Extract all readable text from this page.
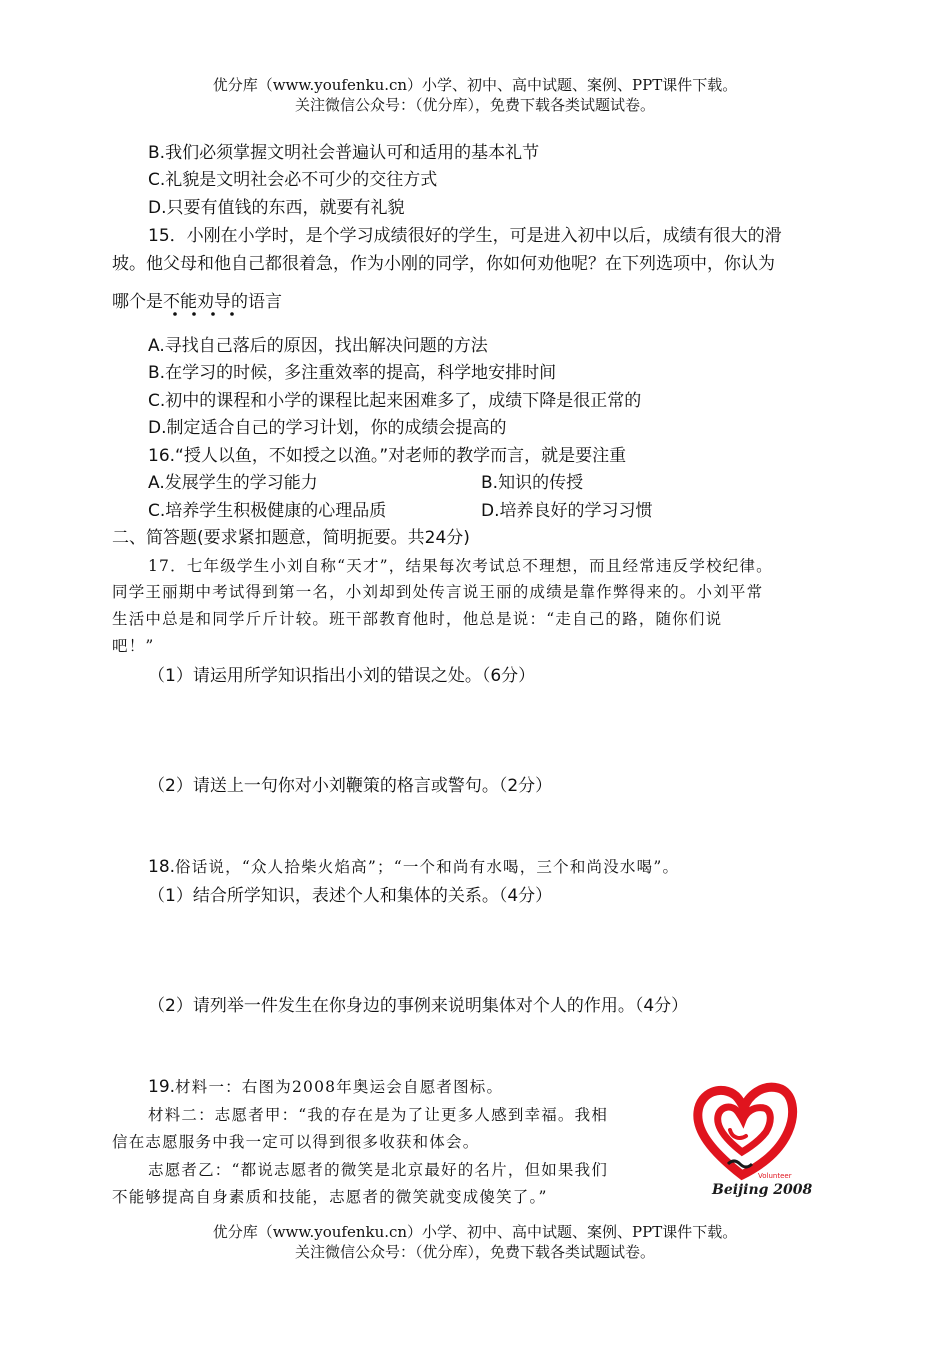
优分库（www.youfenku.cn）小学、初中、高中试题、案例、PPT课件下载。
关注微信公众号：（优分库），免费下载各类试题试卷。
B.我们必须掌握文明社会普遍认可和适用的基本礼节
C.礼貌是文明社会必不可少的交往方式
D.只要有值钱的东西，就要有礼貌
15．小刚在小学时，是个学习成绩很好的学生，可是进入初中以后，成绩有很大的滑
坡。他父母和他自己都很着急，作为小刚的同学，你如何劝他呢？在下列选项中，你认为
哪个是不能劝导的语言
A.寻找自己落后的原因，找出解决问题的方法
B.在学习的时候，多注重效率的提高，科学地安排时间
C.初中的课程和小学的课程比起来困难多了，成绩下降是很正常的
D.制定适合自己的学习计划，你的成绩会提高的
16.“授人以鱼，不如授之以渔。”对老师的教学而言，就是要注重
A.发展学生的学习能力	B.知识的传授
C.培养学生积极健康的心理品质	D.培养良好的学习习惯
二、简答题(要求紧扣题意，简明扼要。共24分)
17．七年级学生小刘自称“天才”，结果每次考试总不理想，而且经常违反学校纪律。
同学王丽期中考试得到第一名，小刘却到处传言说王丽的成绩是靠作弊得来的。小刘平常
生活中总是和同学斤斤计较。班干部教育他时，他总是说：“走自己的路，随你们说
吧！”
（1）请运用所学知识指出小刘的错误之处。（6分）
（2）请送上一句你对小刘鞭策的格言或警句。（2分）
18.俗话说，“众人拾柴火焰高”；“一个和尚有水喝，三个和尚没水喝”。
（1）结合所学知识，表述个人和集体的关系。（4分）
（2）请列举一件发生在你身边的事例来说明集体对个人的作用。（4分）
19.材料一：右图为2008年奥运会自愿者图标。
材料二：志愿者甲：“我的存在是为了让更多人感到幸福。我相
信在志愿服务中我一定可以得到很多收获和体会。
志愿者乙：“都说志愿者的微笑是北京最好的名片，但如果我们
不能够提高自身素质和技能，志愿者的微笑就变成傻笑了。”
Volunteer
Beijing 2008
优分库（www.youfenku.cn）小学、初中、高中试题、案例、PPT课件下载。
关注微信公众号：（优分库），免费下载各类试题试卷。
